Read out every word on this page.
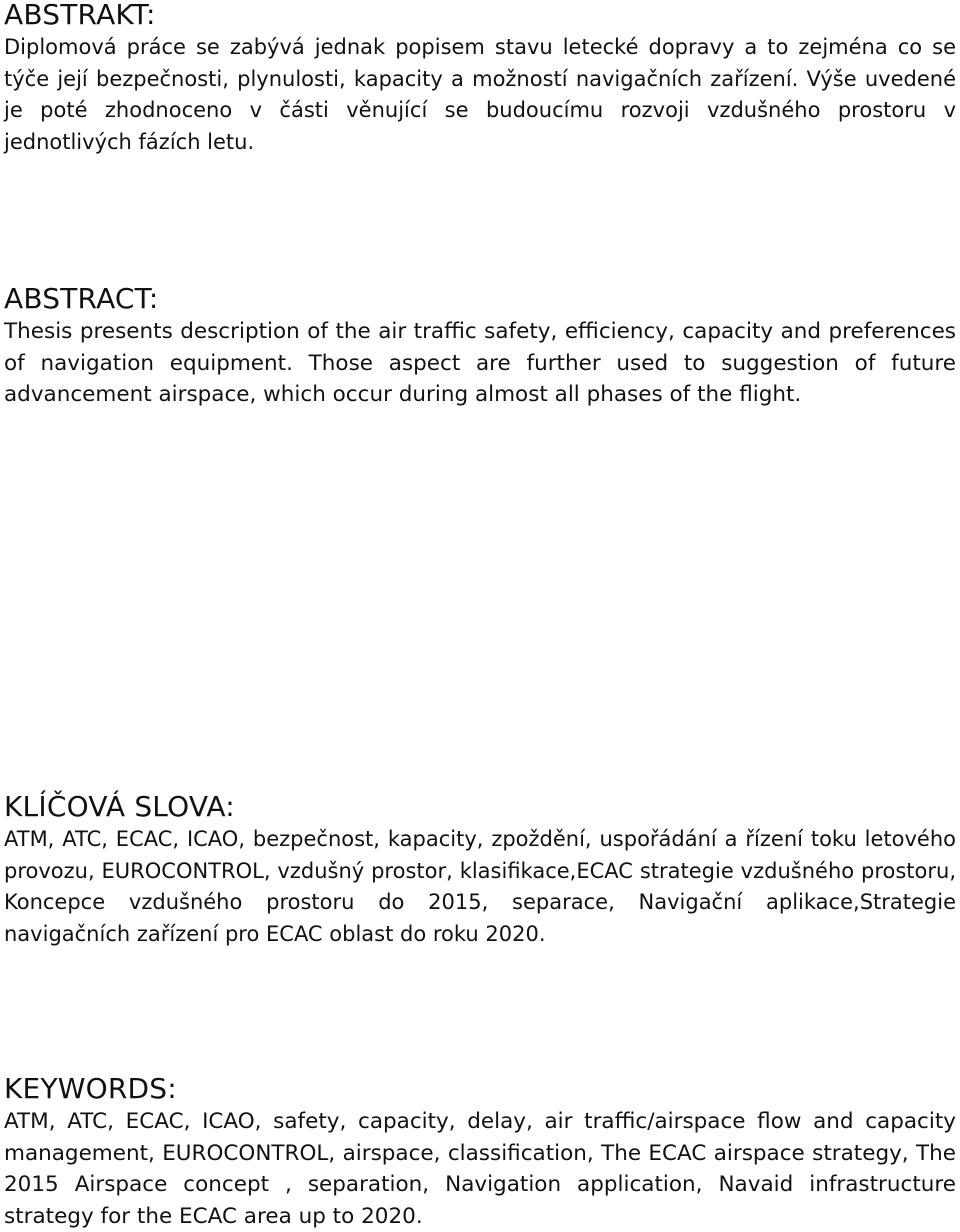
ABSTRAKT:

Diplomová práce se zabývá jednak popisem stavu letecké dopravy a to zejména co se týče její bezpečnosti, plynulosti, kapacity a možností navigačních zařízení. Výše uvedené je poté zhodnoceno v části věnující se budoucímu rozvoji vzdušného prostoru v jednotlivých fázích letu.

ABSTRACT:

Thesis presents description of the air traffic safety, efficiency, capacity and preferences of navigation equipment. Those aspect are further used to suggestion of future advancement airspace, which occur during almost all phases of the flight.

KLÍČOVÁ SLOVA:

ATM, ATC, ECAC, ICAO, bezpečnost, kapacity, zpoždění, uspořádání a řízení toku letového provozu, EUROCONTROL, vzdušný prostor, klasifikace,ECAC strategie vzdušného prostoru, Koncepce vzdušného prostoru do 2015, separace, Navigační aplikace,Strategie navigačních zařízení pro ECAC oblast do roku 2020.

KEYWORDS:

ATM, ATC, ECAC, ICAO, safety, capacity, delay, air traffic/airspace flow and capacity management, EUROCONTROL, airspace, classification, The ECAC airspace strategy, The 2015 Airspace concept , separation, Navigation application, Navaid infrastructure strategy for the ECAC area up to 2020.
